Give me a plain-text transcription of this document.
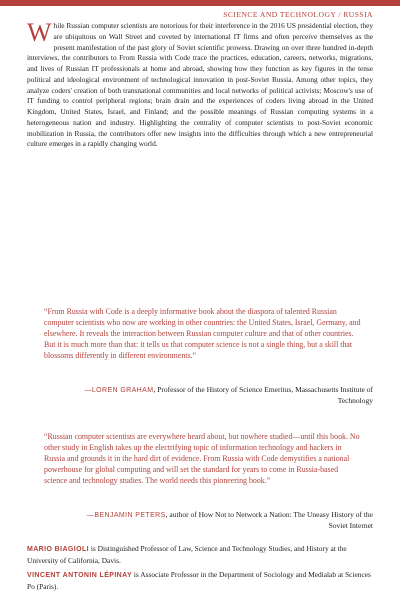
SCIENCE AND TECHNOLOGY / RUSSIA
While Russian computer scientists are notorious for their interference in the 2016 US presidential election, they are ubiquitous on Wall Street and coveted by international IT firms and often perceive themselves as the present manifestation of the past glory of Soviet scientific prowess. Drawing on over three hundred in-depth interviews, the contributors to From Russia with Code trace the practices, education, careers, networks, migrations, and lives of Russian IT professionals at home and abroad, showing how they function as key figures in the tense political and ideological environment of technological innovation in post-Soviet Russia. Among other topics, they analyze coders' creation of both transnational communities and local networks of political activists; Moscow's use of IT funding to control peripheral regions; brain drain and the experiences of coders living abroad in the United Kingdom, United States, Israel, and Finland; and the possible meanings of Russian computing systems in a heterogeneous nation and industry. Highlighting the centrality of computer scientists to post-Soviet economic mobilization in Russia, the contributors offer new insights into the difficulties through which a new entrepreneurial culture emerges in a rapidly changing world.
“From Russia with Code is a deeply informative book about the diaspora of talented Russian computer scientists who now are working in other countries: the United States, Israel, Germany, and elsewhere. It reveals the interaction between Russian computer culture and that of other countries. But it is much more than that: it tells us that computer science is not a single thing, but a skill that blossoms differently in different environments.”
—LOREN GRAHAM, Professor of the History of Science Emeritus, Massachusetts Institute of Technology
“Russian computer scientists are everywhere heard about, but nowhere studied—until this book. No other study in English takes up the electrifying topic of information technology and hackers in Russia and grounds it in the hard dirt of evidence. From Russia with Code demystifies a national powerhouse for global computing and will set the standard for years to come in Russia-based science and technology studies. The world needs this pioneering book.”
—BENJAMIN PETERS, author of How Not to Network a Nation: The Uneasy History of the Soviet Internet

MARIO BIAGIOLI is Distinguished Professor of Law, Science and Technology Studies, and History at the University of California, Davis.

VINCENT ANTONIN LÉPINAY is Associate Professor in the Department of Sociology and Medialab at Sciences Po (Paris).
